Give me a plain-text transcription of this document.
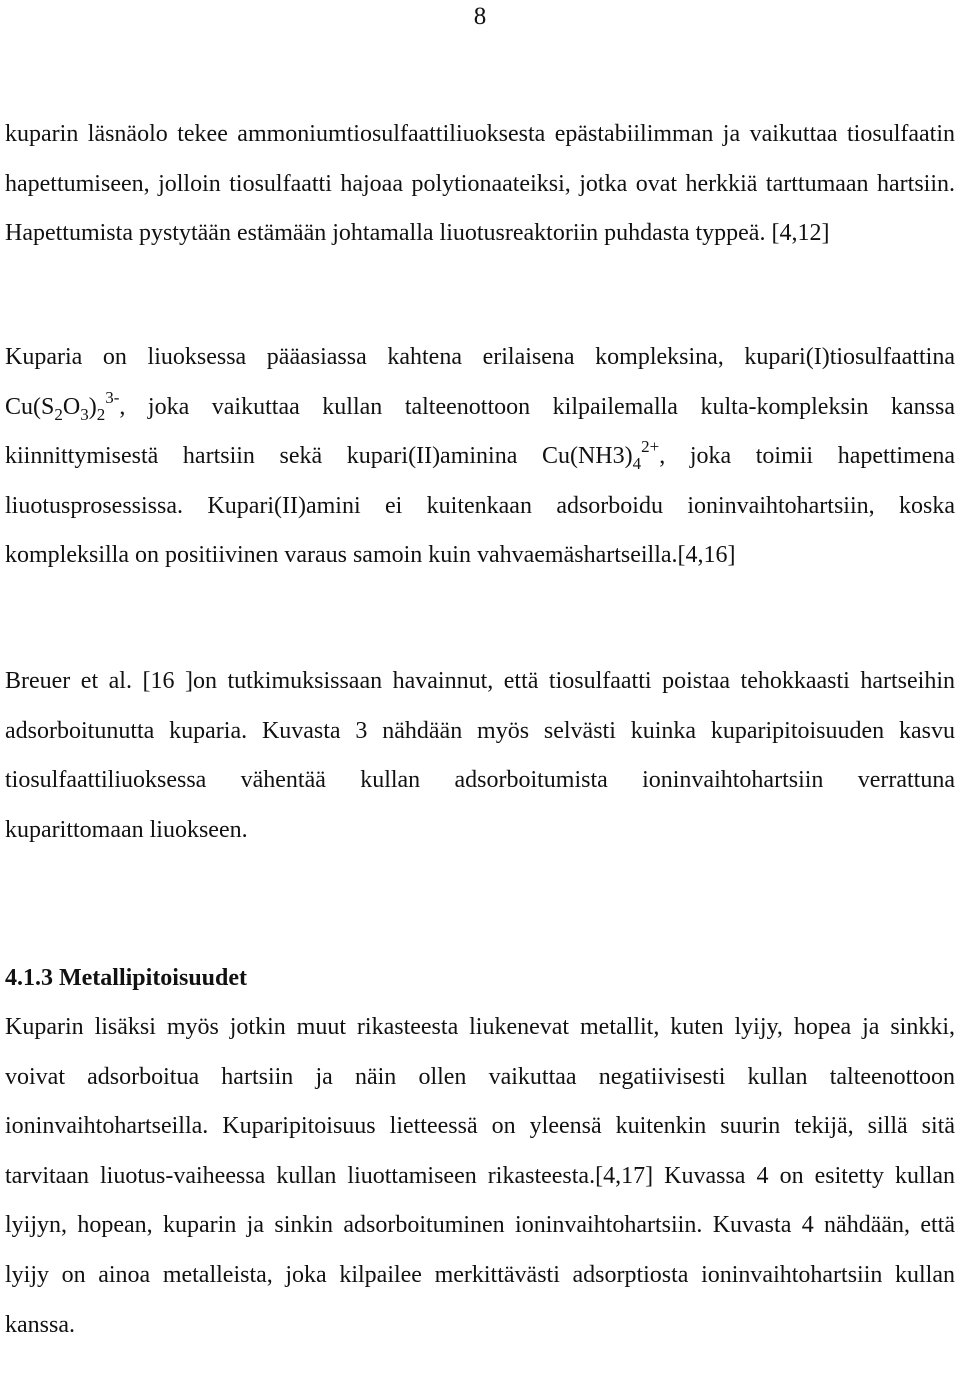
8

kuparin läsnäolo tekee ammoniumtiosulfaattiliuoksesta epästabiilimman ja vaikuttaa tiosulfaatin hapettumiseen, jolloin tiosulfaatti hajoaa polytionaateiksi, jotka ovat herkkiä tarttumaan hartsiin. Hapettumista pystytään estämään johtamalla liuotusreaktoriin puhdasta typpeä. [4,12]

Kuparia on liuoksessa pääasiassa kahtena erilaisena kompleksina, kupari(I)tiosulfaattina $Cu(S_2O_3)_2^{3-}$, joka vaikuttaa kullan talteenottoon kilpailemalla kulta-kompleksin kanssa kiinnittymisestä hartsiin sekä kupari(II)aminina $Cu(NH3)_4^{2+}$, joka toimii hapettimena liuotusprosessissa. Kupari(II)amini ei kuitenkaan adsorboidu ioninvaihtohartsiin, koska kompleksilla on positiivinen varaus samoin kuin vahvaemäshartseilla.[4,16]

Breuer et al. [16 ]on tutkimuksissaan havainnut, että tiosulfaatti poistaa tehokkaasti hartseihin adsorboitunutta kuparia. Kuvasta 3 nähdään myös selvästi kuinka kuparipitoisuuden kasvu tiosulfaattiliuoksessa vähentää kullan adsorboitumista ioninvaihtohartsiin verrattuna kuparittomaan liuokseen.

4.1.3 Metallipitoisuudet

Kuparin lisäksi myös jotkin muut rikasteesta liukenevat metallit, kuten lyijy, hopea ja sinkki, voivat adsorboitua hartsiin ja näin ollen vaikuttaa negatiivisesti kullan talteenottoon ioninvaihtohartseilla. Kuparipitoisuus lietteessä on yleensä kuitenkin suurin tekijä, sillä sitä tarvitaan liuotus-vaiheessa kullan liuottamiseen rikasteesta.[4,17] Kuvassa 4 on esitetty kullan lyijyn, hopean, kuparin ja sinkin adsorboituminen ioninvaihtohartsiin. Kuvasta 4 nähdään, että lyijy on ainoa metalleista, joka kilpailee merkittävästi adsorptiosta ioninvaihtohartsiin kullan kanssa.
